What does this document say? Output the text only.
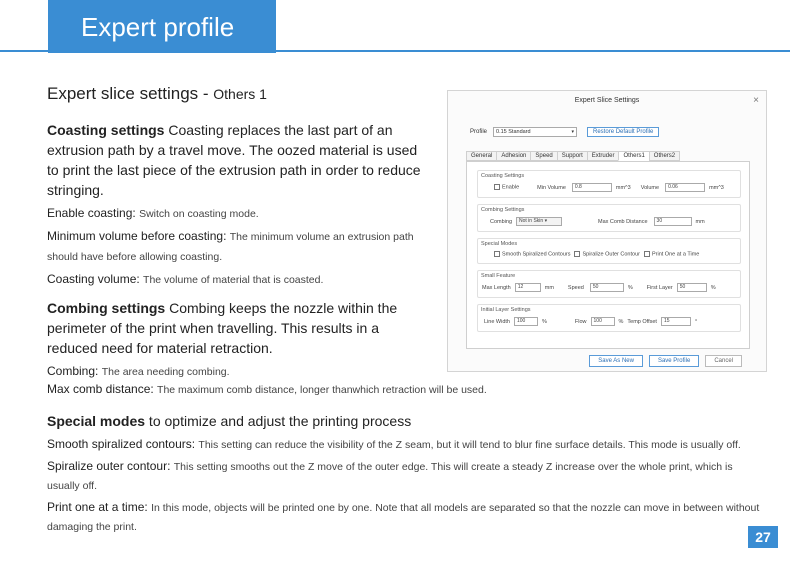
Expert profile
Expert slice settings - Others 1
Coasting settings Coasting replaces the last part of an extrusion path by a travel move. The oozed material is used to print the last piece of the extrusion path in order to reduce stringing.
Enable coasting: Switch on coasting mode.
Minimum volume before coasting: The minimum volume an extrusion path should have before allowing coasting.
Coasting volume: The volume of material that is coasted.
Combing settings Combing keeps the nozzle within the perimeter of the print when travelling. This results in a reduced need for material retraction.
Combing: The area needing combing.
Max comb distance: The maximum comb distance, longer thanwhich retraction will be used.
Special modes to optimize and adjust the printing process
Smooth spiralized contours: This setting can reduce the visibility of the Z seam, but it will tend to blur fine surface details. This mode is usually off.
Spiralize outer contour: This setting smooths out the Z move of the outer edge. This will create a steady Z increase over the whole print, which is usually off.
Print one at a time: In this mode, objects will be printed one by one. Note that all models are separated so that the nozzle can move in between without damaging the print.
27
Expert Slice Settings	×
Profile	0.15 Standard	▾	Restore Default Profile
General	Adhesion	Speed	Support	Extruder	Others1	Others2
Coasting Settings
Enable	Min Volume	0.8	mm^3 Volume	0.06	mm^3
Combing Settings
Combing	Not in Skin ▾	Max Comb Distance	30	mm
Special Modes
Smooth Spiralized Contours	Spiralize Outer Contour	Print One at a Time
Small Feature
Max Length	12	mm	Speed	50	%	First Layer	50	%
Initial Layer Settings
Line Width	100	%	Flow	100	% Temp Offset	15	°
Save As New	Save Profile	Cancel
